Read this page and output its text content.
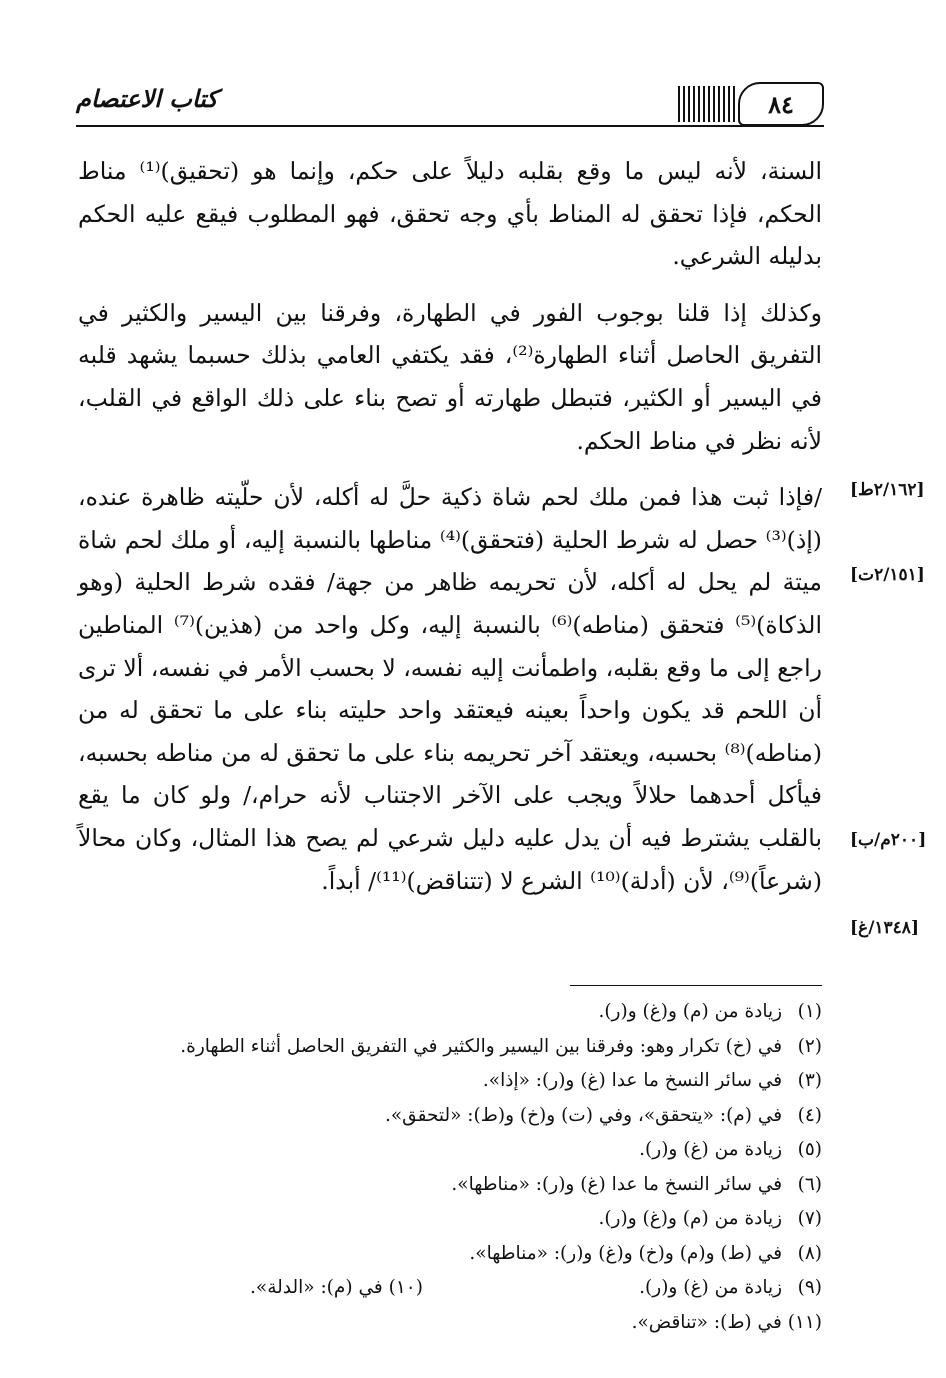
كتاب الاعتصام	٨٤

السنة، لأنه ليس ما وقع بقلبه دليلاً على حكم، وإنما هو (تحقيق)⁽¹⁾ مناط الحكم، فإذا تحقق له المناط بأي وجه تحقق، فهو المطلوب فيقع عليه الحكم بدليله الشرعي.

وكذلك إذا قلنا بوجوب الفور في الطهارة، وفرقنا بين اليسير والكثير في التفريق الحاصل أثناء الطهارة⁽²⁾، فقد يكتفي العامي بذلك حسبما يشهد قلبه في اليسير أو الكثير، فتبطل طهارته أو تصح بناء على ذلك الواقع في القلب، لأنه نظر في مناط الحكم.

/فإذا ثبت هذا فمن ملك لحم شاة ذكية حلَّ له أكله، لأن حلّيته ظاهرة عنده، (إذ)⁽³⁾ حصل له شرط الحلية (فتحقق)⁽⁴⁾ مناطها بالنسبة إليه، أو ملك لحم شاة ميتة لم يحل له أكله، لأن تحريمه ظاهر من جهة/ فقده شرط الحلية (وهو الذكاة)⁽⁵⁾ فتحقق (مناطه)⁽⁶⁾ بالنسبة إليه، وكل واحد من (هذين)⁽⁷⁾ المناطين راجع إلى ما وقع بقلبه، واطمأنت إليه نفسه، لا بحسب الأمر في نفسه، ألا ترى أن اللحم قد يكون واحداً بعينه فيعتقد واحد حليته بناء على ما تحقق له من (مناطه)⁽⁸⁾ بحسبه، ويعتقد آخر تحريمه بناء على ما تحقق له من مناطه بحسبه، فيأكل أحدهما حلالاً ويجب على الآخر الاجتناب لأنه حرام،/ ولو كان ما يقع بالقلب يشترط فيه أن يدل عليه دليل شرعي لم يصح هذا المثال، وكان محالاً (شرعاً)⁽⁹⁾، لأن (أدلة)⁽¹⁰⁾ الشرع لا (تتناقض)⁽¹¹⁾/ أبداً.

[٢/١٦٢ط]
[٢/١٥١ت]
[٢٠٠م/ب]
[١٣٤٨/غ]
(١) زيادة من (م) و(غ) و(ر).
(٢) في (خ) تكرار وهو: وفرقنا بين اليسير والكثير في التفريق الحاصل أثناء الطهارة.
(٣) في سائر النسخ ما عدا (غ) و(ر): «إذا».
(٤) في (م): «يتحقق»، وفي (ت) و(خ) و(ط): «لتحقق».
(٥) زيادة من (غ) و(ر).
(٦) في سائر النسخ ما عدا (غ) و(ر): «مناطها».
(٧) زيادة من (م) و(غ) و(ر).
(٨) في (ط) و(م) و(خ) و(غ) و(ر): «مناطها».
(٩) زيادة من (غ) و(ر).
(١٠) في (م): «الدلة».
(١١) في (ط): «تناقض».
